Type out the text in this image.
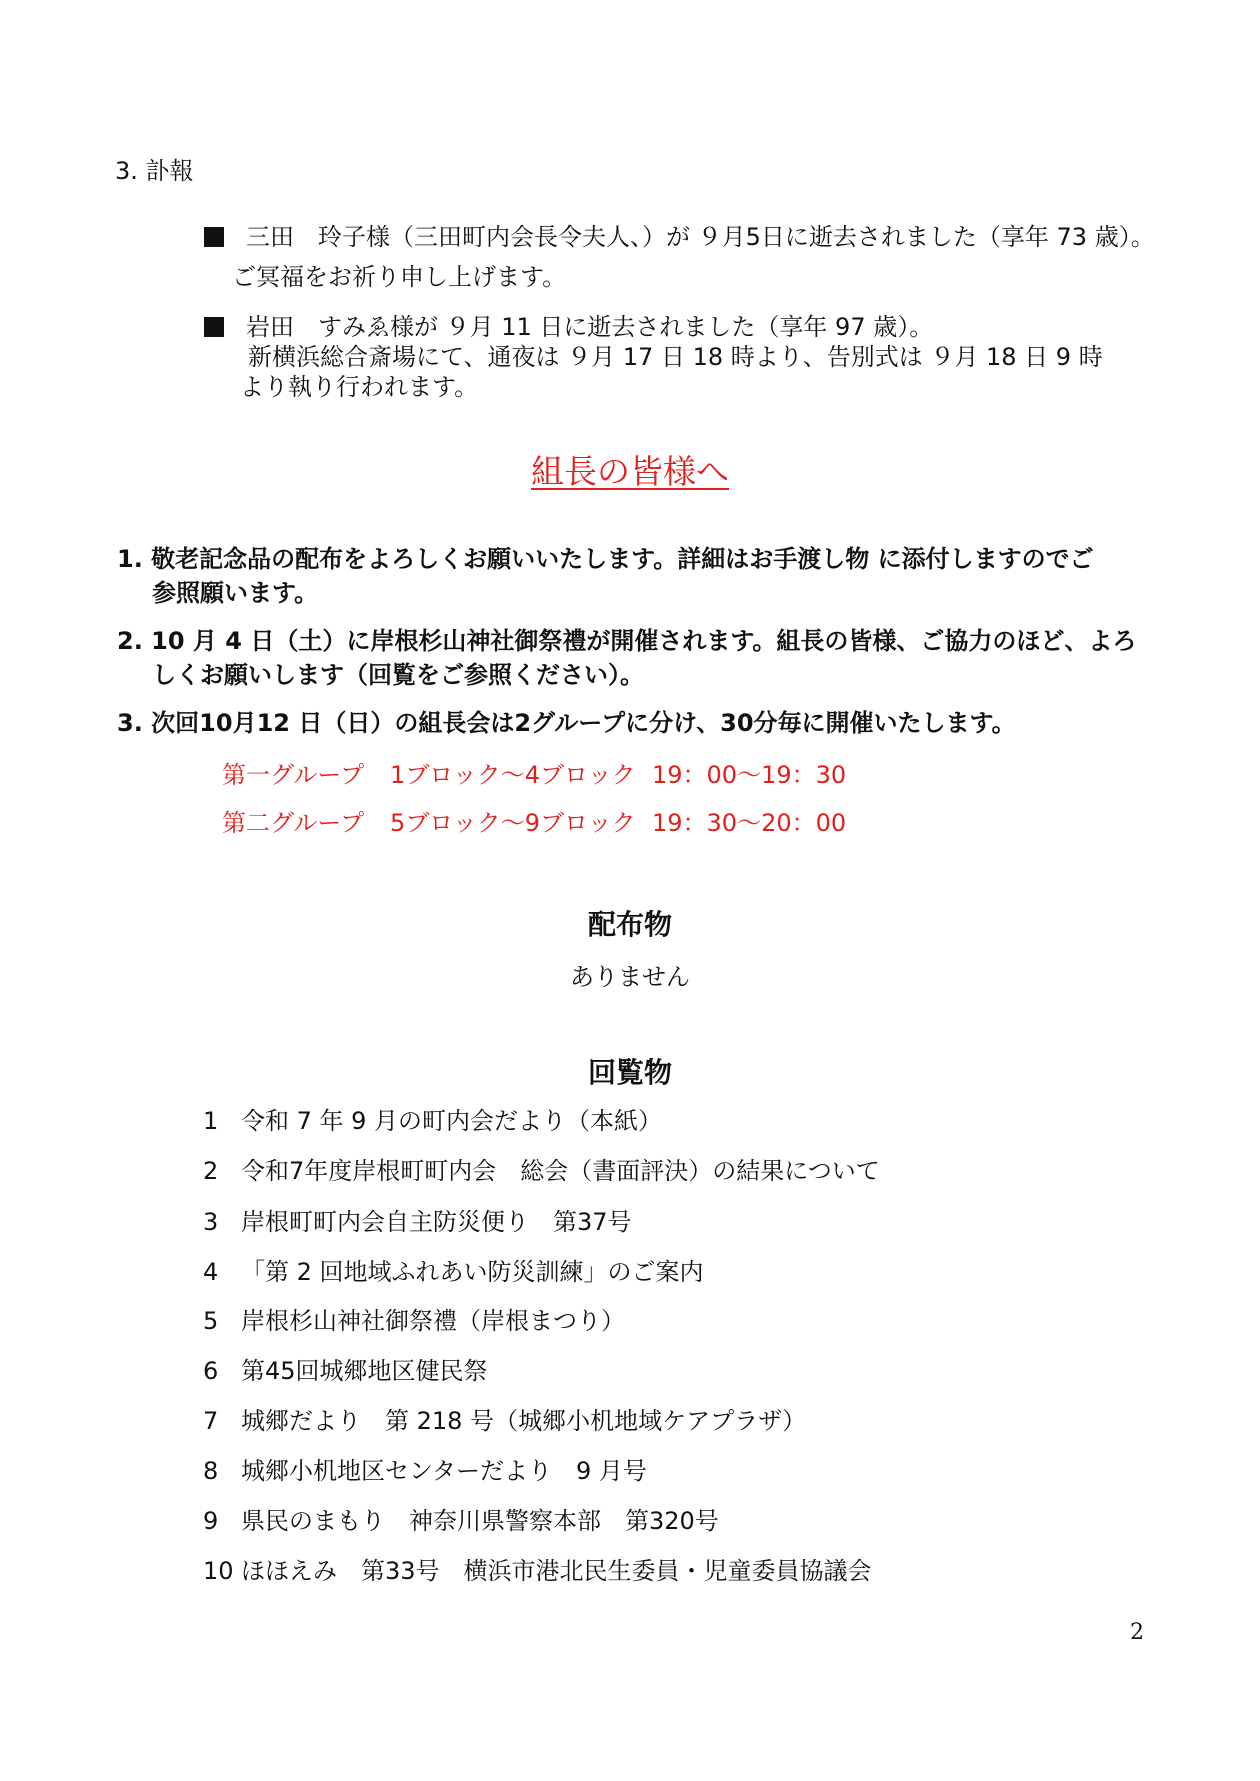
3. 訃報
三田　玲子様（三田町内会長令夫人、）が ９月5日に逝去されました（享年 73 歳）。
ご冥福をお祈り申し上げます。
岩田　すみゑ様が ９月 11 日に逝去されました（享年 97 歳）。
新横浜総合斎場にて、通夜は ９月 17 日 18 時より、告別式は ９月 18 日 9 時
より執り行われます。
組長の皆様へ
1. 敬老記念品の配布をよろしくお願いいたします。詳細はお手渡し物 に添付しますのでご
参照願います。
2. 10 月 4 日（土）に岸根杉山神社御祭禮が開催されます。組長の皆様、ご協力のほど、よろ
しくお願いします（回覧をご参照ください）。
3. 次回10月12 日（日）の組長会は2グループに分け、30分毎に開催いたします。
第一グループ 1ブロック～4ブロック 19：00～19：30
第二グループ 5ブロック～9ブロック 19：30～20：00
配布物
ありません
回覧物
1 令和 7 年 9 月の町内会だより（本紙）
2 令和7年度岸根町町内会　総会（書面評決）の結果について
3 岸根町町内会自主防災便り　第37号
4 「第 2 回地域ふれあい防災訓練」のご案内
5 岸根杉山神社御祭禮（岸根まつり）
6 第45回城郷地区健民祭
7 城郷だより　第 218 号（城郷小机地域ケアプラザ）
8 城郷小机地区センターだより　9 月号
9 県民のまもり　神奈川県警察本部　第320号
10 ほほえみ　第33号　横浜市港北民生委員・児童委員協議会
2
